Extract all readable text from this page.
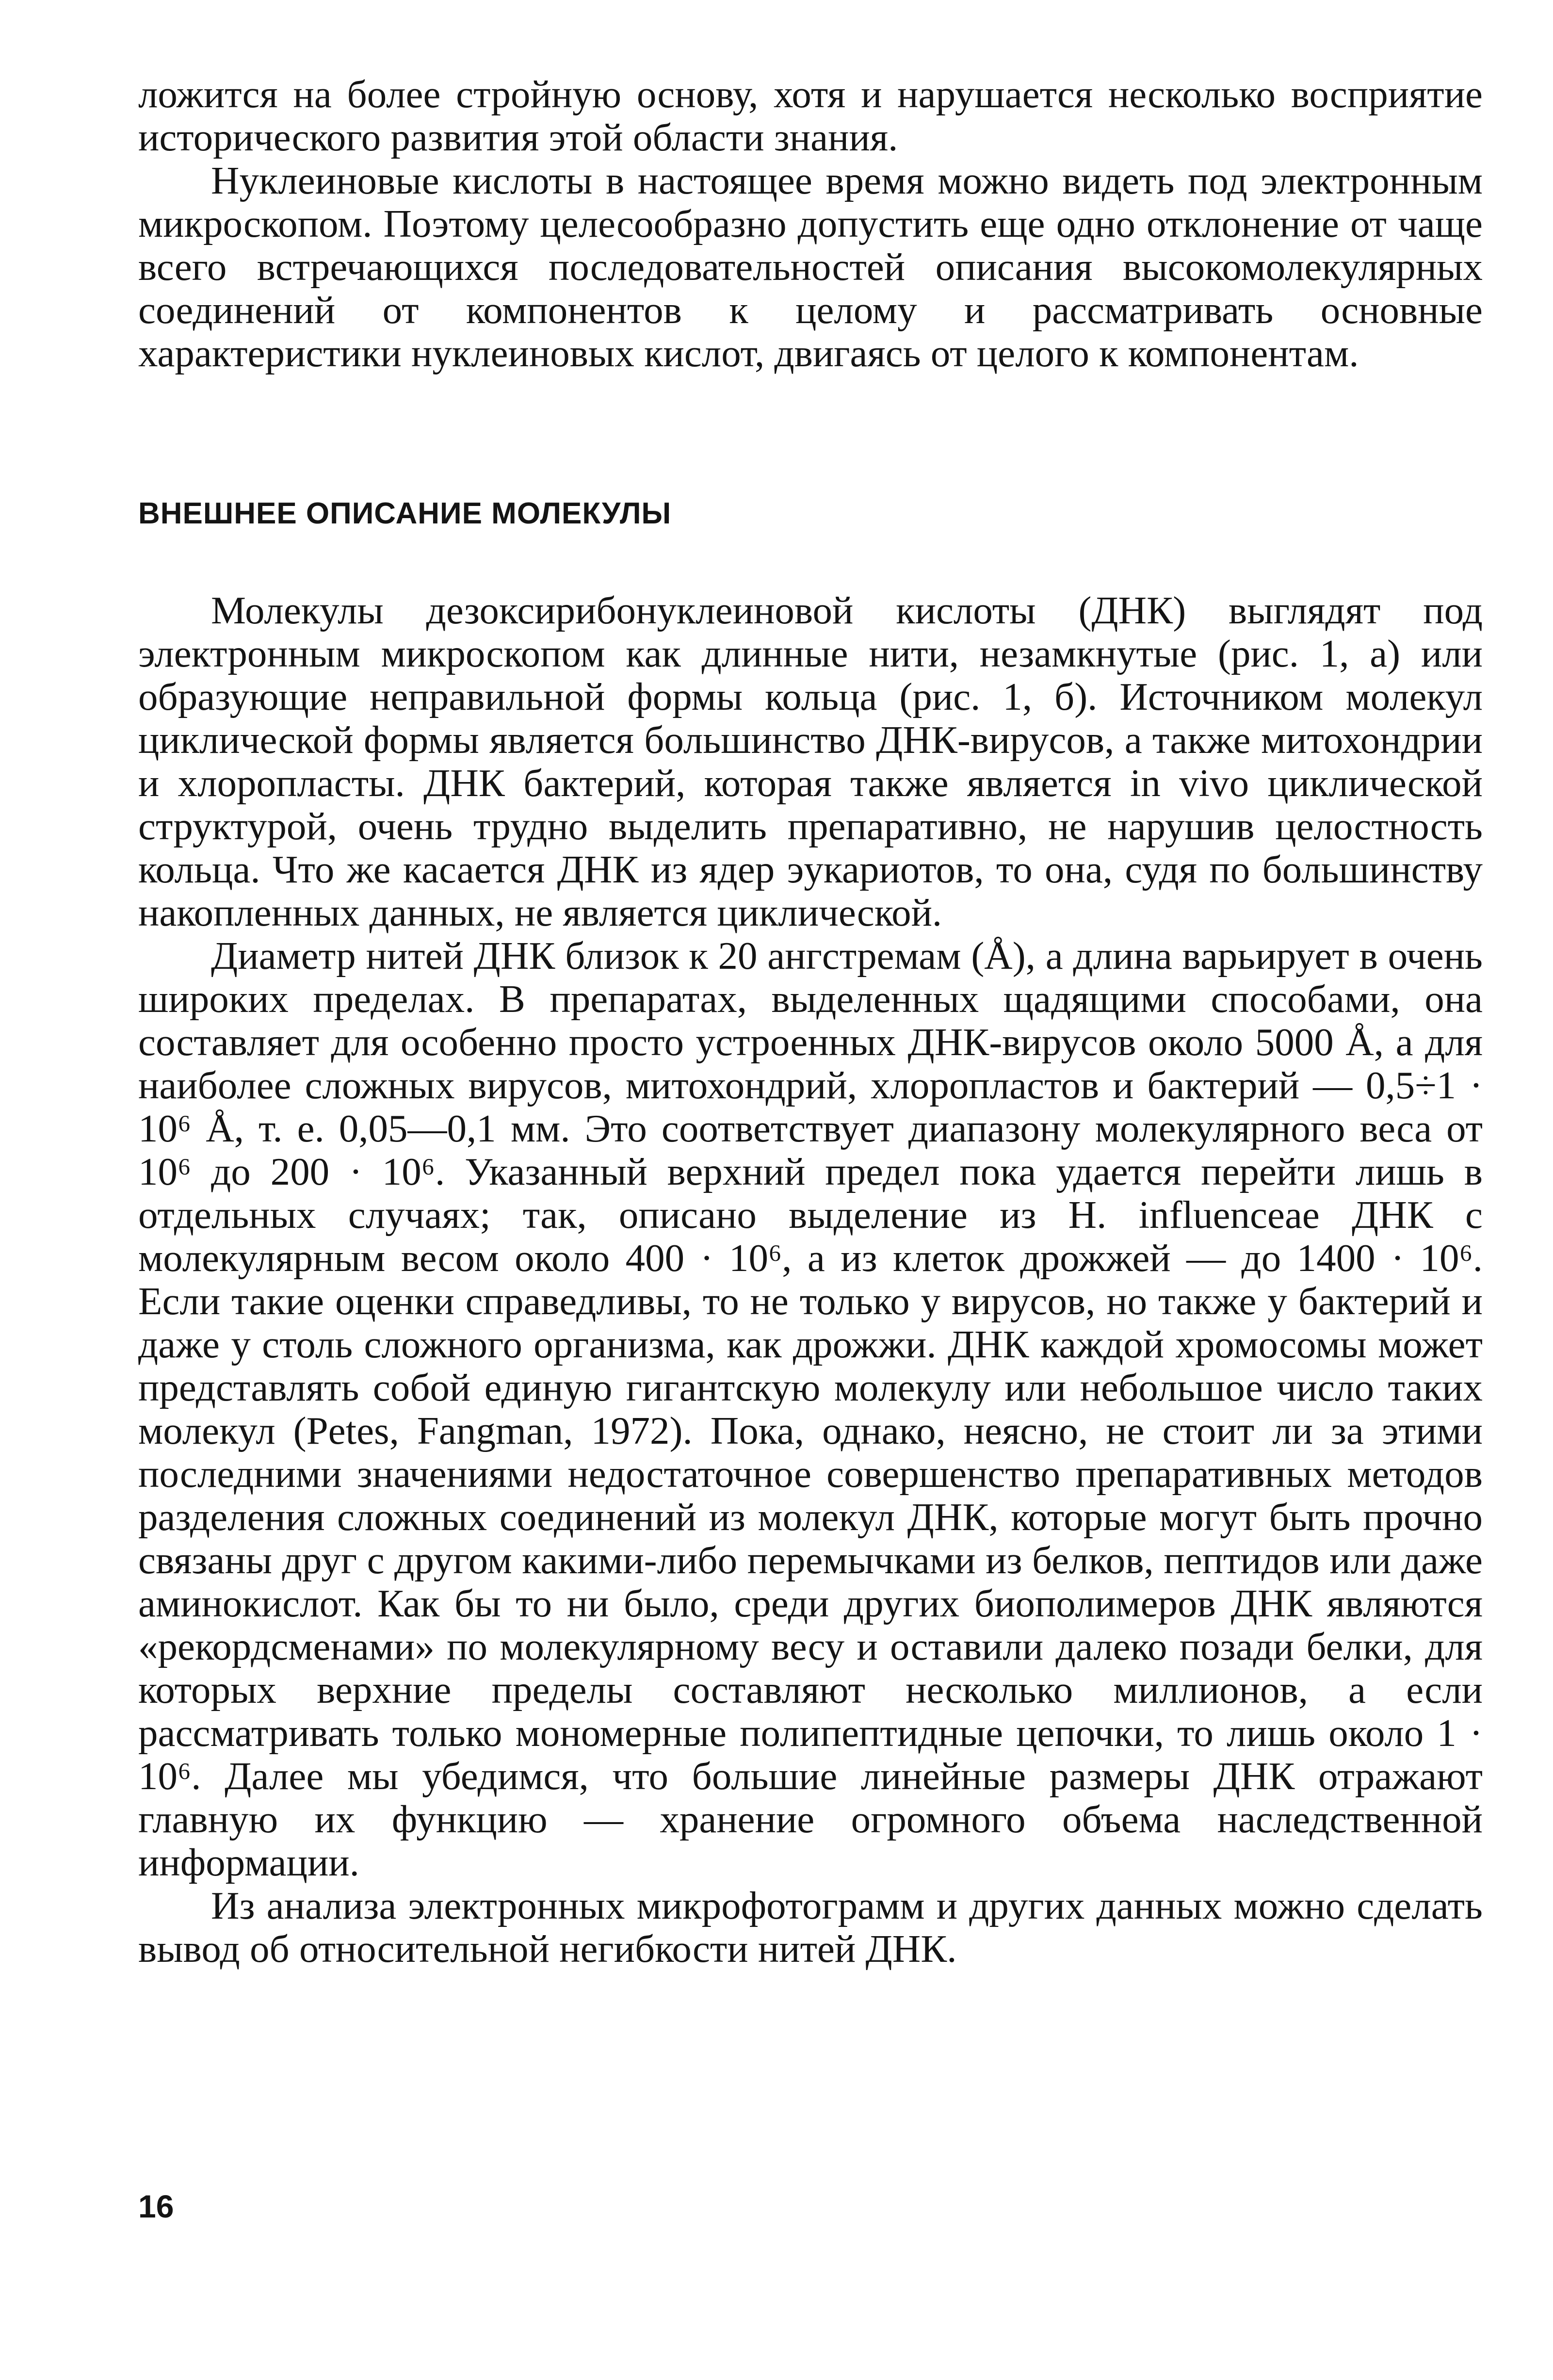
ложится на более стройную основу, хотя и нарушается несколько восприятие исторического развития этой области знания.

Нуклеиновые кислоты в настоящее время можно видеть под электронным микроскопом. Поэтому целесообразно допустить еще одно отклонение от чаще всего встречающихся последовательностей описания высокомолекулярных соединений от компонентов к целому и рассматривать основные характеристики нуклеиновых кислот, двигаясь от целого к компонентам.

ВНЕШНЕЕ ОПИСАНИЕ МОЛЕКУЛЫ

Молекулы дезоксирибонуклеиновой кислоты (ДНК) выглядят под электронным микроскопом как длинные нити, незамкнутые (рис. 1, а) или образующие неправильной формы кольца (рис. 1, б). Источником молекул циклической формы является большинство ДНК-вирусов, а также митохондрии и хлоропласты. ДНК бактерий, которая также является in vivo циклической структурой, очень трудно выделить препаративно, не нарушив целостность кольца. Что же касается ДНК из ядер эукариотов, то она, судя по большинству накопленных данных, не является циклической.

Диаметр нитей ДНК близок к 20 ангстремам (Å), а длина варьирует в очень широких пределах. В препаратах, выделенных щадящими способами, она составляет для особенно просто устроенных ДНК-вирусов около 5000 Å, а для наиболее сложных вирусов, митохондрий, хлоропластов и бактерий — 0,5÷1 · 10⁶ Å, т. е. 0,05—0,1 мм. Это соответствует диапазону молекулярного веса от 10⁶ до 200 · 10⁶. Указанный верхний предел пока удается перейти лишь в отдельных случаях; так, описано выделение из H. influenceae ДНК с молекулярным весом около 400 · 10⁶, а из клеток дрожжей — до 1400 · 10⁶. Если такие оценки справедливы, то не только у вирусов, но также у бактерий и даже у столь сложного организма, как дрожжи. ДНК каждой хромосомы может представлять собой единую гигантскую молекулу или небольшое число таких молекул (Petes, Fangman, 1972). Пока, однако, неясно, не стоит ли за этими последними значениями недостаточное совершенство препаративных методов разделения сложных соединений из молекул ДНК, которые могут быть прочно связаны друг с другом какими-либо перемычками из белков, пептидов или даже аминокислот. Как бы то ни было, среди других биополимеров ДНК являются «рекордсменами» по молекулярному весу и оставили далеко позади белки, для которых верхние пределы составляют несколько миллионов, а если рассматривать только мономерные полипептидные цепочки, то лишь около 1 · 10⁶. Далее мы убедимся, что большие линейные размеры ДНК отражают главную их функцию — хранение огромного объема наследственной информации.

Из анализа электронных микрофотограмм и других данных можно сделать вывод об относительной негибкости нитей ДНК.

16
